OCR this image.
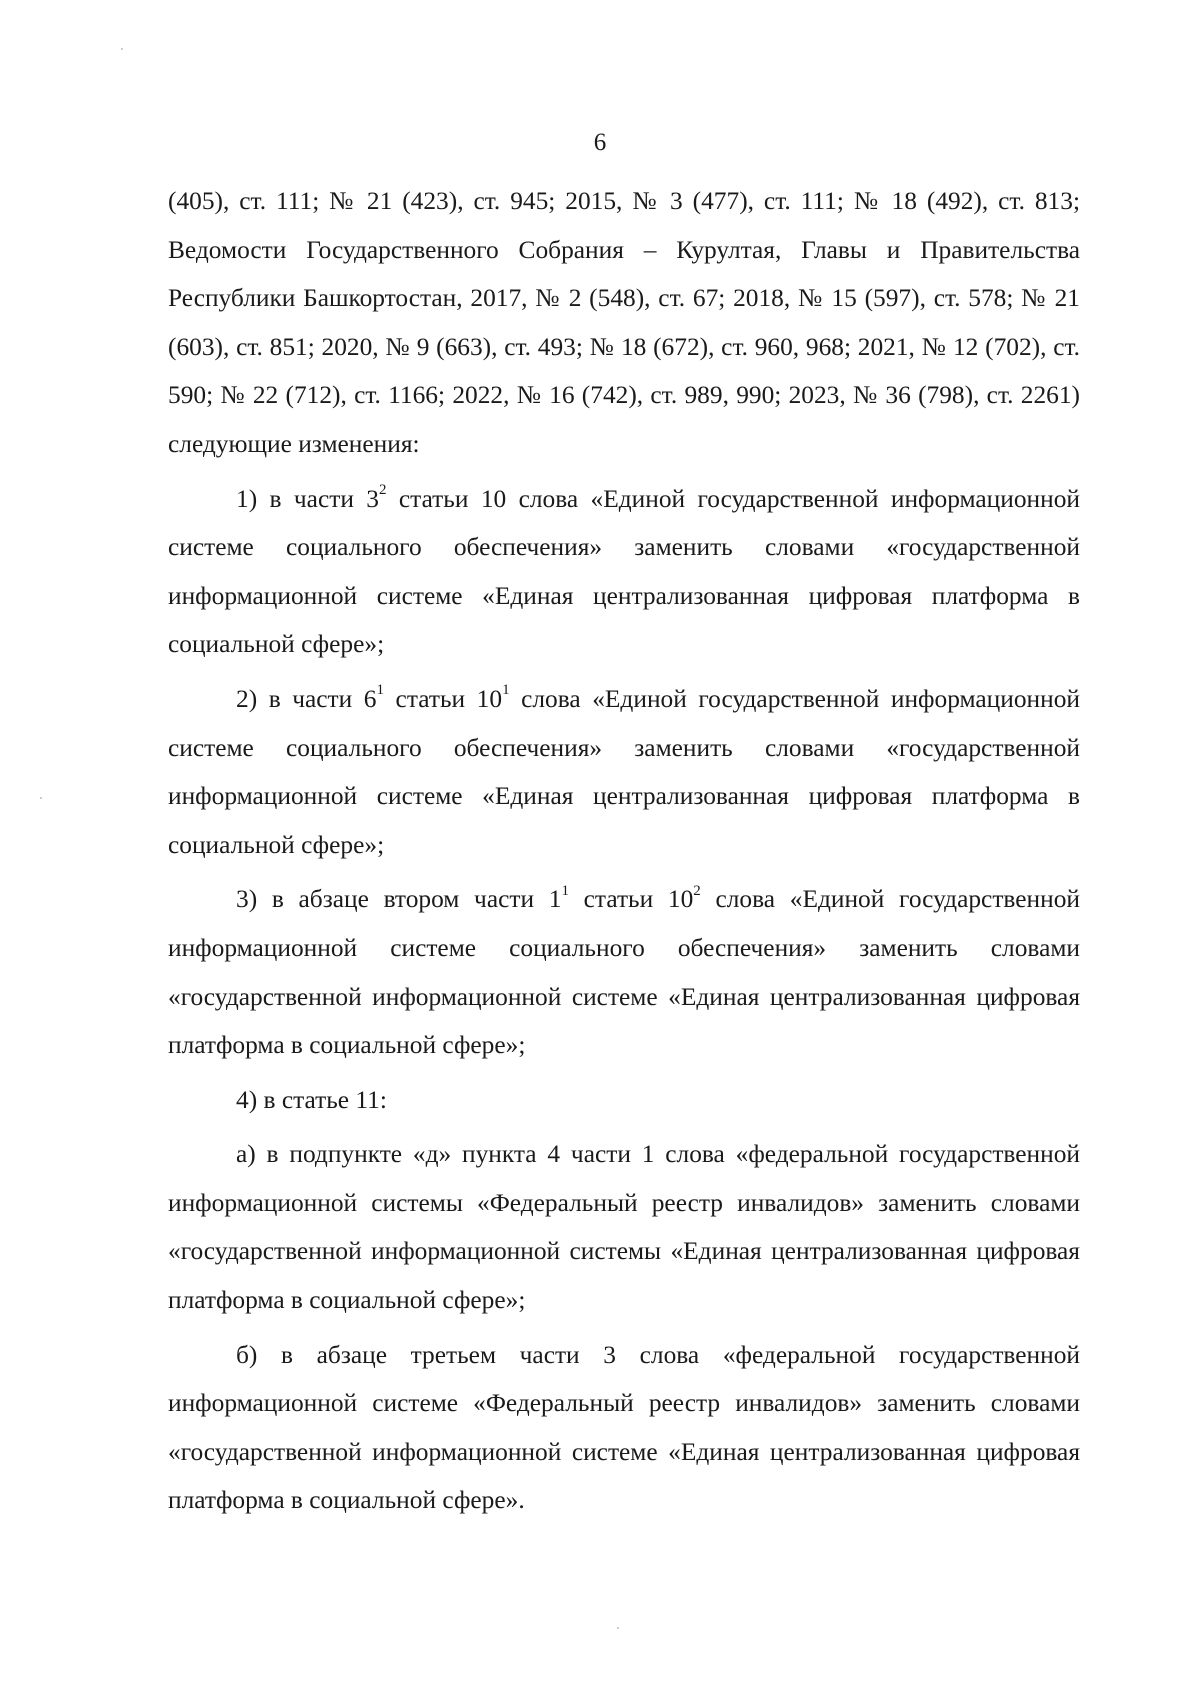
6

(405), ст. 111; № 21 (423), ст. 945; 2015, № 3 (477), ст. 111; № 18 (492), ст. 813; Ведомости Государственного Собрания – Курултая, Главы и Правительства Республики Башкортостан, 2017, № 2 (548), ст. 67; 2018, № 15 (597), ст. 578; № 21 (603), ст. 851; 2020, № 9 (663), ст. 493; № 18 (672), ст. 960, 968; 2021, № 12 (702), ст. 590; № 22 (712), ст. 1166; 2022, № 16 (742), ст. 989, 990; 2023, № 36 (798), ст. 2261) следующие изменения:

1) в части $3^2$ статьи 10 слова «Единой государственной информационной системе социального обеспечения» заменить словами «государственной информационной системе «Единая централизованная цифровая платформа в социальной сфере»;

2) в части $6^1$ статьи $10^1$ слова «Единой государственной информационной системе социального обеспечения» заменить словами «государственной информационной системе «Единая централизованная цифровая платформа в социальной сфере»;

3) в абзаце втором части $1^1$ статьи $10^2$ слова «Единой государственной информационной системе социального обеспечения» заменить словами «государственной информационной системе «Единая централизованная цифровая платформа в социальной сфере»;

4) в статье 11:

а) в подпункте «д» пункта 4 части 1 слова «федеральной государственной информационной системы «Федеральный реестр инвалидов» заменить словами «государственной информационной системы «Единая централизованная цифровая платформа в социальной сфере»;

б) в абзаце третьем части 3 слова «федеральной государственной информационной системе «Федеральный реестр инвалидов» заменить словами «государственной информационной системе «Единая централизованная цифровая платформа в социальной сфере».
